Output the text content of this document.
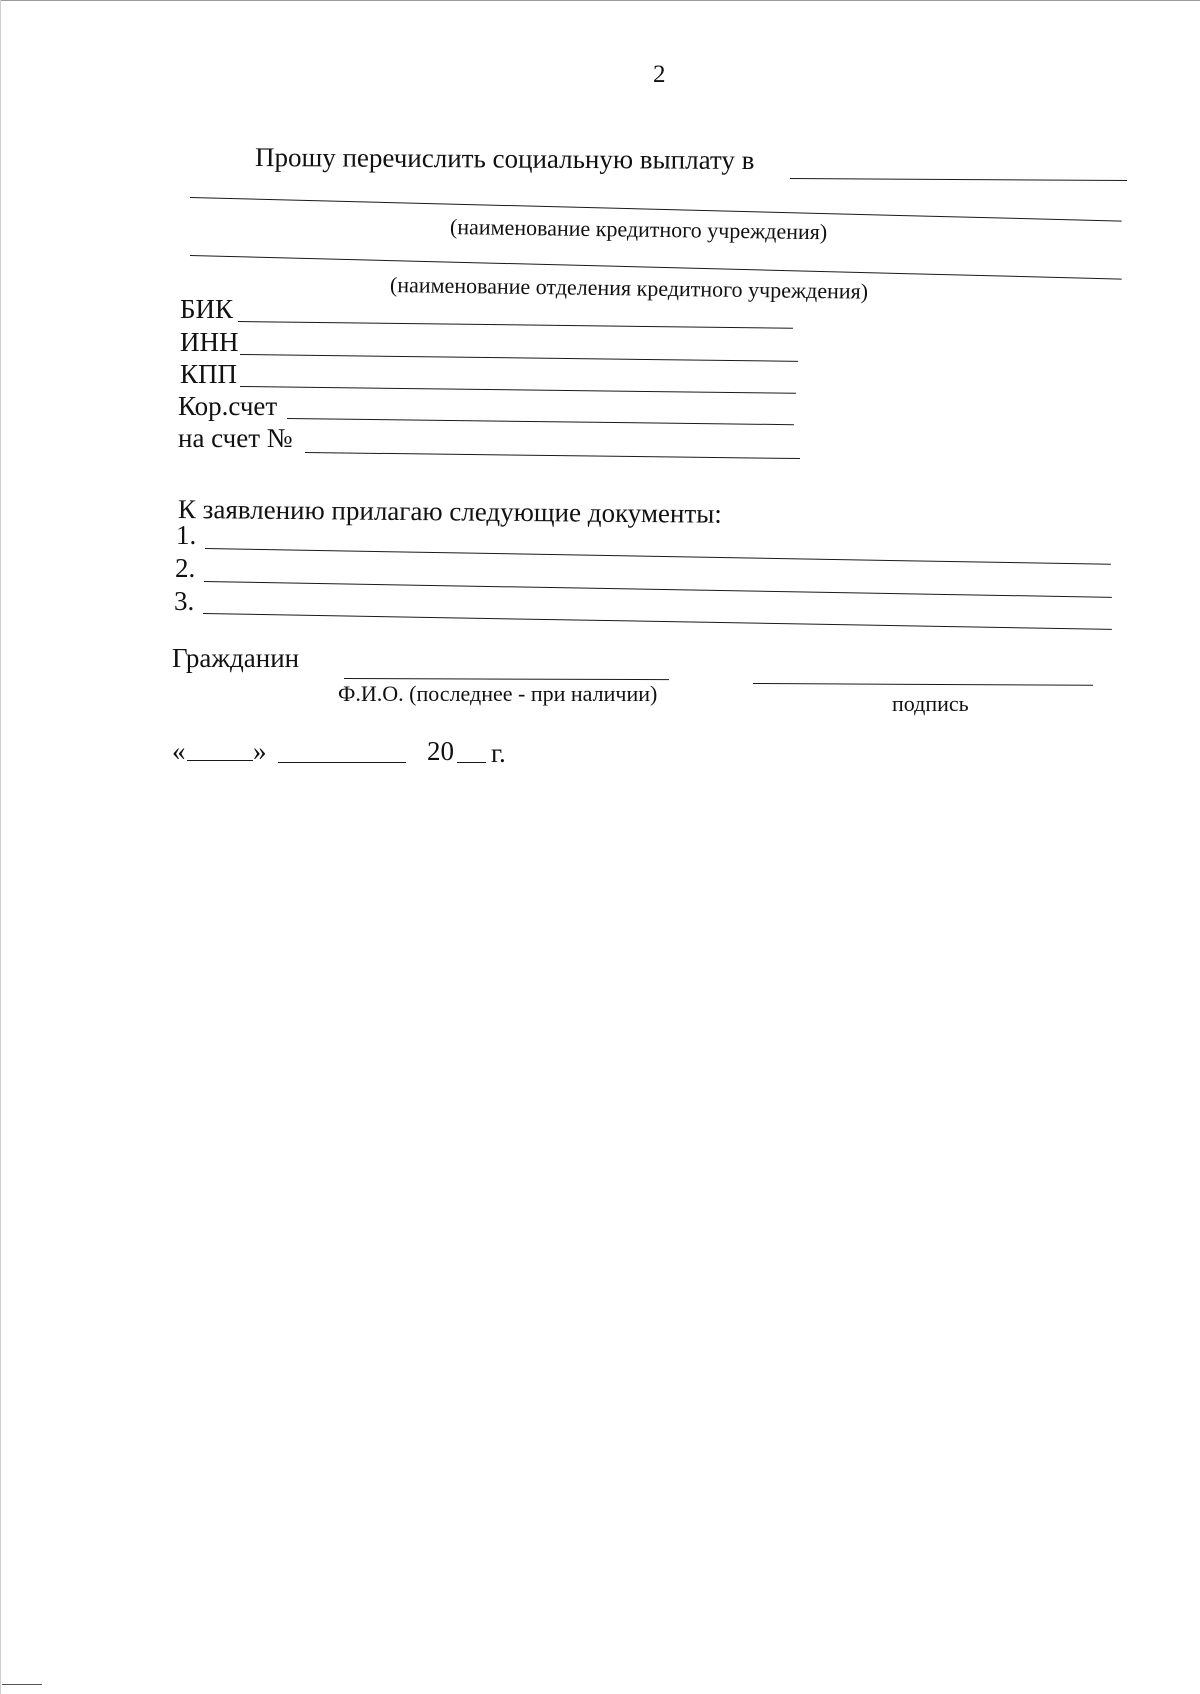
2
Прошу перечислить социальную выплату в
(наименование кредитного учреждения)
(наименование отделения кредитного учреждения)
БИК
ИНН
КПП
Кор.счет
на счет №
К заявлению прилагаю следующие документы:
1.
2.
3.
Гражданин
Ф.И.О. (последнее - при наличии)	подпись
«	»	20 г.
